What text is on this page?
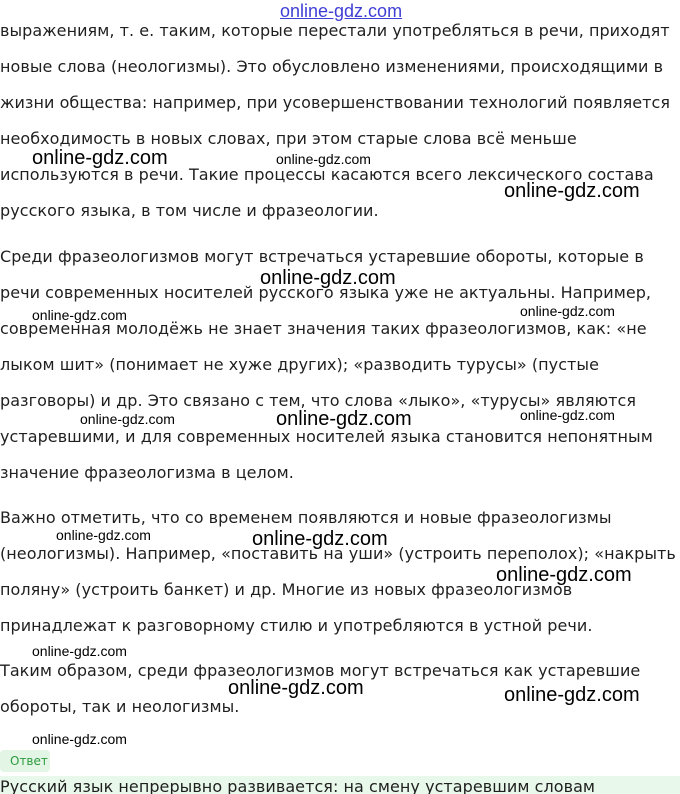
online-gdz.com
выражениям, т. е. таким, которые перестали употребляться в речи, приходят
новые слова (неологизмы). Это обусловлено изменениями, происходящими в
жизни общества: например, при усовершенствовании технологий появляется
необходимость в новых словах, при этом старые слова всё меньше
используются в речи. Такие процессы касаются всего лексического состава
русского языка, в том числе и фразеологии.
Среди фразеологизмов могут встречаться устаревшие обороты, которые в
речи современных носителей русского языка уже не актуальны. Например,
современная молодёжь не знает значения таких фразеологизмов, как: «не
лыком шит» (понимает не хуже других); «разводить турусы» (пустые
разговоры) и др. Это связано с тем, что слова «лыко», «турусы» являются
устаревшими, и для современных носителей языка становится непонятным
значение фразеологизма в целом.
Важно отметить, что со временем появляются и новые фразеологизмы
(неологизмы). Например, «поставить на уши» (устроить переполох); «накрыть
поляну» (устроить банкет) и др. Многие из новых фразеологизмов
принадлежат к разговорному стилю и употребляются в устной речи.
Таким образом, среди фразеологизмов могут встречаться как устаревшие
обороты, так и неологизмы.
online-gdz.com	online-gdz.com
online-gdz.com
online-gdz.com
online-gdz.com	online-gdz.com
online-gdz.com	online-gdz.com	online-gdz.com
online-gdz.com	online-gdz.com
online-gdz.com
online-gdz.com
online-gdz.com	online-gdz.com
online-gdz.com
Ответ
Русский язык непрерывно развивается: на смену устаревшим словам
